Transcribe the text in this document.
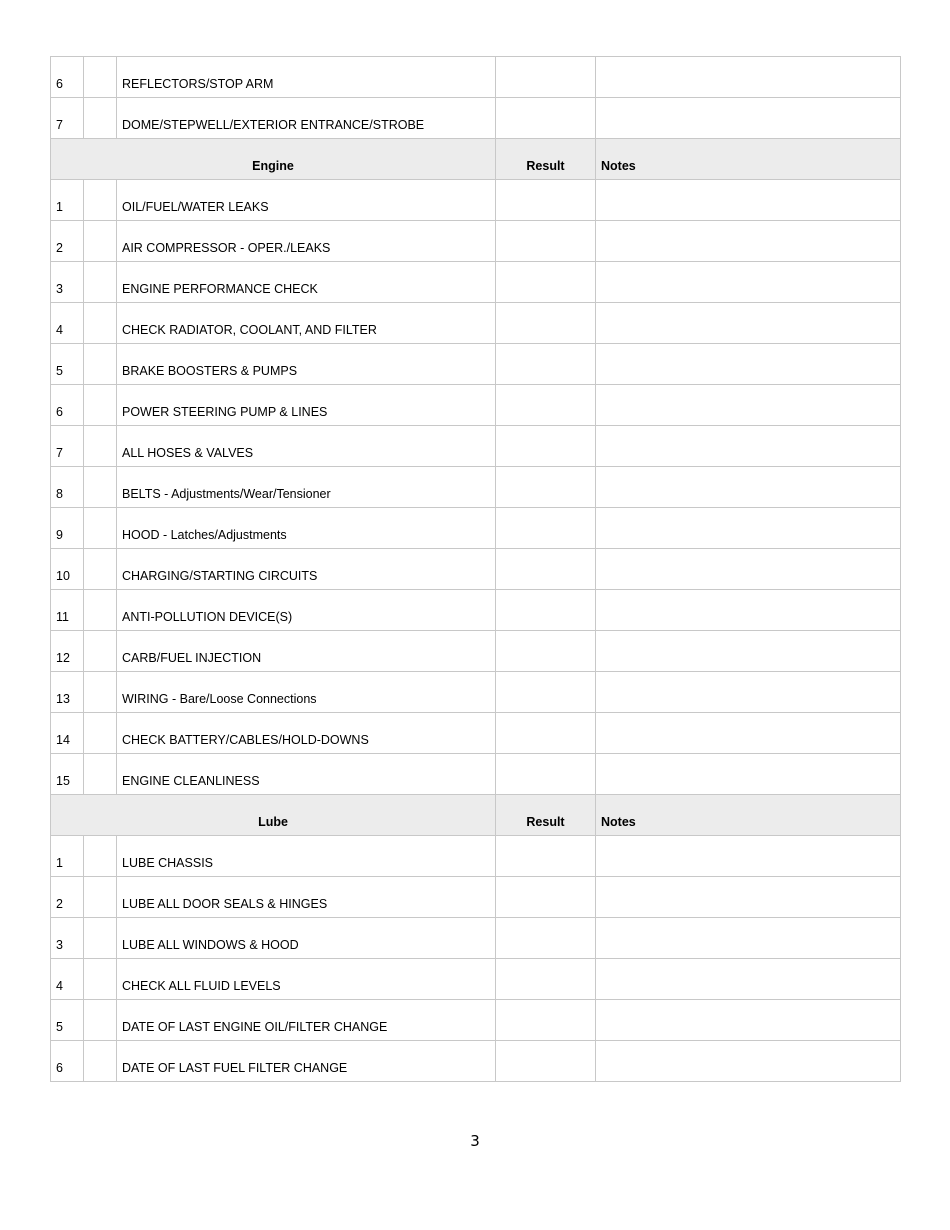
6		REFLECTORS/STOP ARM		
7		DOME/STEPWELL/EXTERIOR ENTRANCE/STROBE		
Engine			Result	Notes
1		OIL/FUEL/WATER LEAKS		
2		AIR COMPRESSOR - OPER./LEAKS		
3		ENGINE PERFORMANCE CHECK		
4		CHECK RADIATOR, COOLANT, AND FILTER		
5		BRAKE BOOSTERS & PUMPS		
6		POWER STEERING PUMP & LINES		
7		ALL HOSES & VALVES		
8		BELTS - Adjustments/Wear/Tensioner		
9		HOOD - Latches/Adjustments		
10		CHARGING/STARTING CIRCUITS		
11		ANTI-POLLUTION DEVICE(S)		
12		CARB/FUEL INJECTION		
13		WIRING - Bare/Loose Connections		
14		CHECK BATTERY/CABLES/HOLD-DOWNS		
15		ENGINE CLEANLINESS		
Lube			Result	Notes
1		LUBE CHASSIS		
2		LUBE ALL DOOR SEALS & HINGES		
3		LUBE ALL WINDOWS & HOOD		
4		CHECK ALL FLUID LEVELS		
5		DATE OF LAST ENGINE OIL/FILTER CHANGE		
6		DATE OF LAST FUEL FILTER CHANGE		
3
